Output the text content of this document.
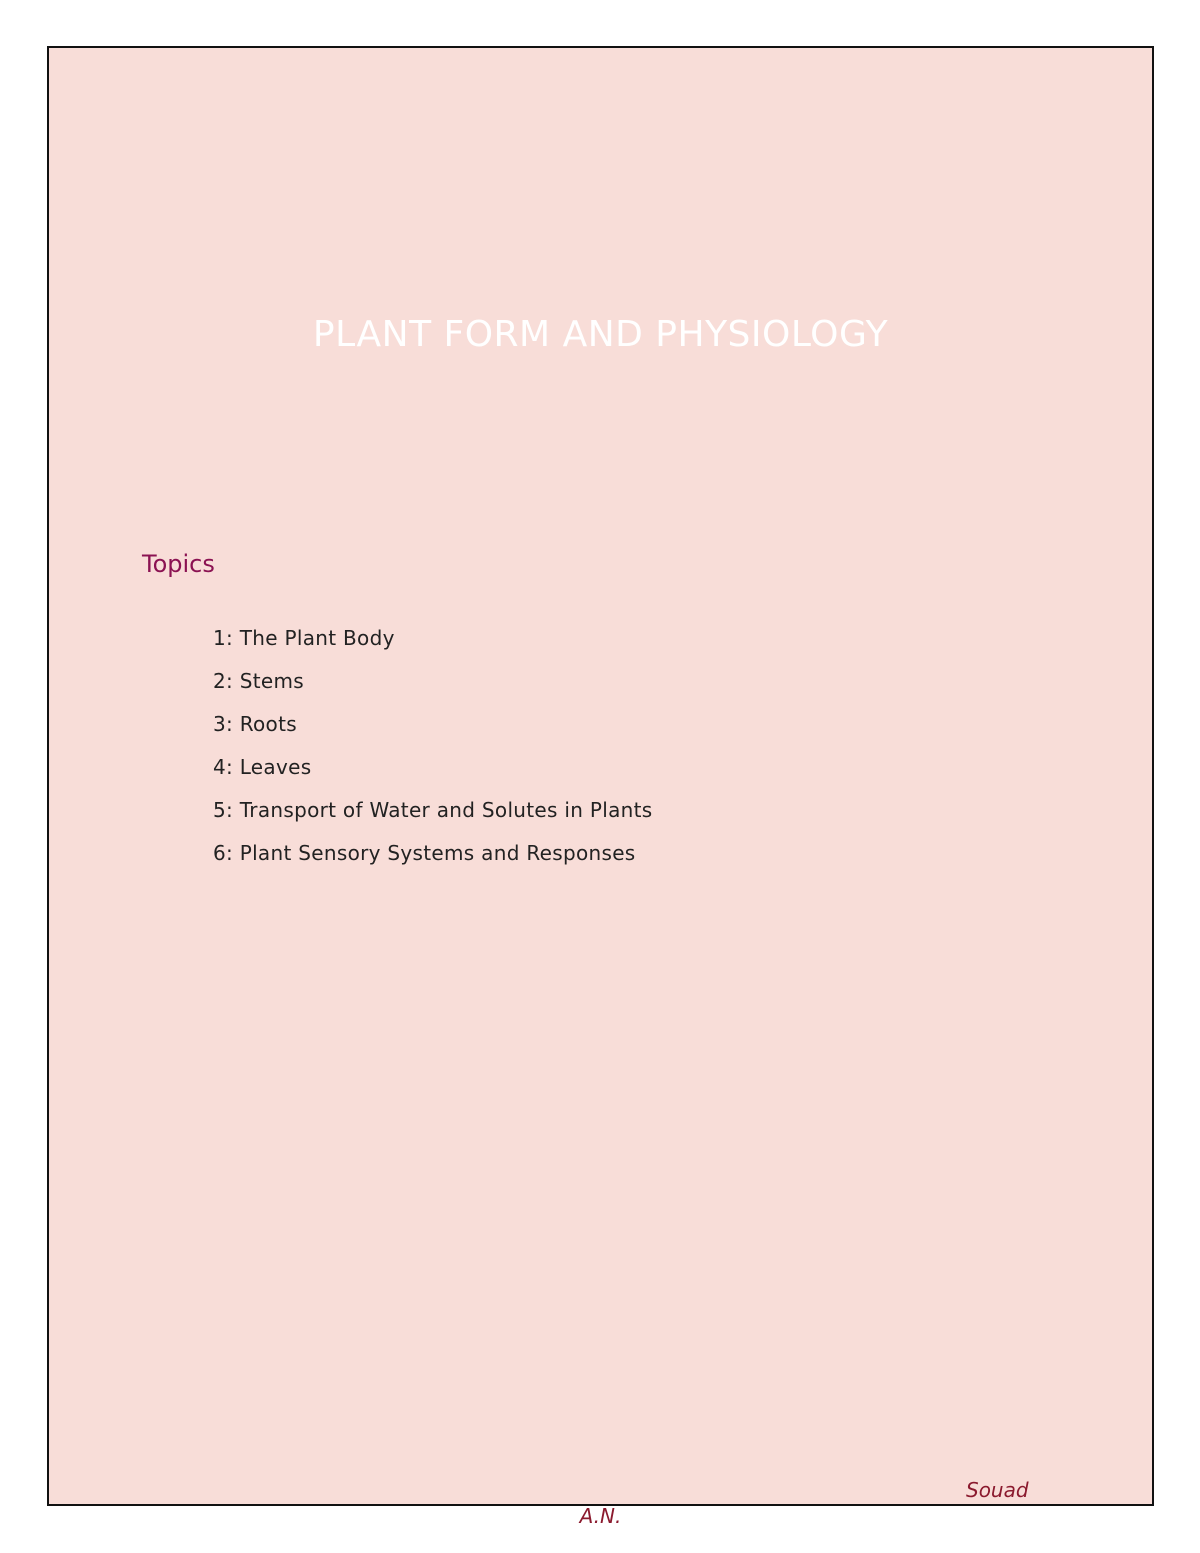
PLANT FORM AND PHYSIOLOGY
Topics
1: The Plant Body
2: Stems
3: Roots
4: Leaves
5: Transport of Water and Solutes in Plants
6: Plant Sensory Systems and Responses
Souad
A.N.
